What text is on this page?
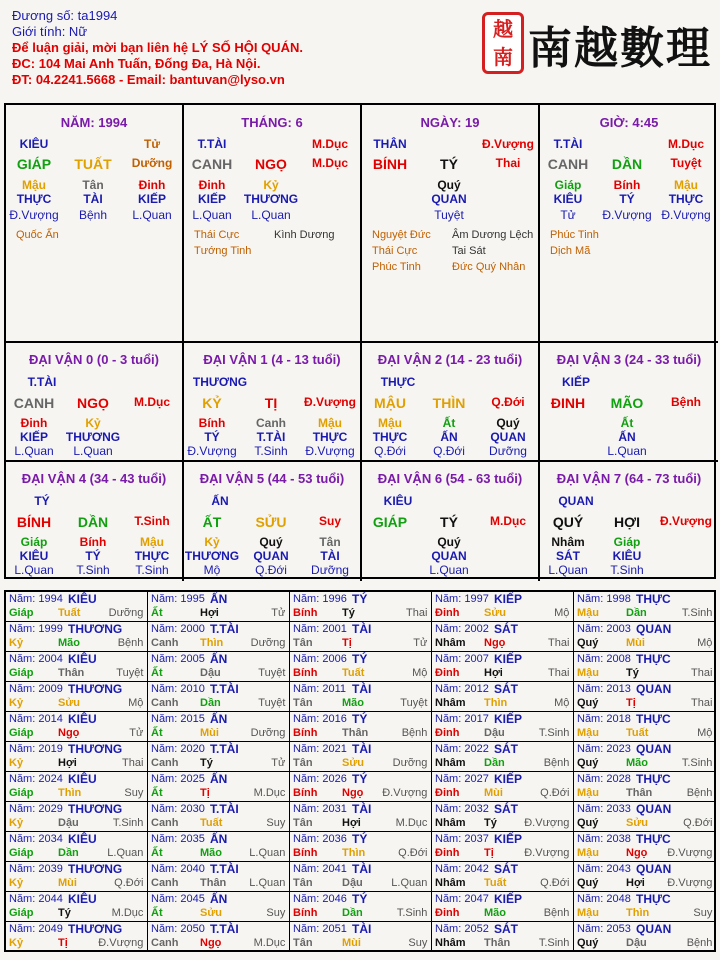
Đương số: ta1994
Giới tính: Nữ
Để luận giải, mời bạn liên hệ LÝ SỐ HỘI QUÁN.
ĐC: 104 Mai Anh Tuấn, Đống Đa, Hà Nội.
ĐT: 04.2241.5668 - Email: bantuvan@lyso.vn
越
南 南越數理
NĂM: 1994
KIÊU	Tử
GIÁP TUẤT Dưỡng
Mậu	Tân	Đinh
THỰC	TÀI	KIẾP
Đ.Vượng Bệnh L.Quan
Quốc Ấn
THÁNG: 6
T.TÀI	M.Dục
CANH NGỌ M.Dục
Đinh	Kỷ
KIẾP THƯƠNG
L.Quan L.Quan
Thái Cực	Kình Dương
Tướng Tinh
NGÀY: 19
THÂN	Đ.Vượng
BÍNH TÝ	Thai
Quý
QUAN
Tuyệt
Nguyệt Đức Âm Dương Lệch
Thái Cực	Tai Sát
Phúc Tinh	Đức Quý Nhân
GIỜ: 4:45
T.TÀI	M.Dục
CANH DẦN Tuyệt
Giáp	Bính	Mậu
KIÊU	TÝ	THỰC
Tử Đ.Vượng Đ.Vượng
Phúc Tinh
Dịch Mã
ĐẠI VẬN 0 (0 - 3 tuổi)
T.TÀI
CANH NGỌ M.Dục
Đinh	Kỷ
KIẾP THƯƠNG
L.Quan L.Quan
ĐẠI VẬN 1 (4 - 13 tuổi)
THƯƠNG
KỶ	TỊ Đ.Vượng
Bính	Canh	Mậu
TÝ	T.TÀI THỰC
Đ.Vượng T.Sinh Đ.Vượng
ĐẠI VẬN 2 (14 - 23 tuổi)
THỰC
MẬU THÌN Q.Đới
Mậu	Ất	Quý
THỰC	ẤN	QUAN
Q.Đới Q.Đới Dưỡng
ĐẠI VẬN 3 (24 - 33 tuổi)
KIẾP
ĐINH MÃO Bệnh
Ất
ẤN
L.Quan
ĐẠI VẬN 4 (34 - 43 tuổi)
TÝ
BÍNH DẦN T.Sinh
Giáp	Bính	Mậu
KIÊU	TÝ	THỰC
L.Quan T.Sinh T.Sinh
ĐẠI VẬN 5 (44 - 53 tuổi)
ẤN
ẤT SỬU	Suy
Kỷ	Quý	Tân
THƯƠNG QUAN	TÀI
Mộ	Q.Đới Dưỡng
ĐẠI VẬN 6 (54 - 63 tuổi)
KIÊU
GIÁP TÝ	M.Dục
Quý
QUAN
L.Quan
ĐẠI VẬN 7 (64 - 73 tuổi)
QUAN
QUÝ HỢI Đ.Vượng
Nhâm Giáp
SÁT	KIÊU
L.Quan T.Sinh
Năm: 1994 KIÊU
Giáp Tuất	Dưỡng
Năm: 1995 ẤN
Ất	Hợi	Tử
Năm: 1996 TÝ
Bính Tý	Thai
Năm: 1997 KIẾP
Đinh Sửu	Mộ
Năm: 1998 THỰC
Mậu Dần	T.Sinh
Năm: 1999 THƯƠNG
Kỷ	Mão	Bệnh
Năm: 2000 T.TÀI
Canh Thìn Dưỡng
Năm: 2001 TÀI
Tân	Tị	Tử
Năm: 2002 SÁT
Nhâm Ngọ	Thai
Năm: 2003 QUAN
Quý	Mùi	Mộ
Năm: 2004 KIÊU
Giáp Thân	Tuyệt
Năm: 2005 ẤN
Ất	Dậu	Tuyệt
Năm: 2006 TÝ
Bính Tuất	Mộ
Năm: 2007 KIẾP
Đinh Hợi	Thai
Năm: 2008 THỰC
Mậu Tý	Thai
Năm: 2009 THƯƠNG
Kỷ	Sửu	Mộ
Năm: 2010 T.TÀI
Canh Dần	Tuyệt
Năm: 2011 TÀI
Tân	Mão	Tuyệt
Năm: 2012 SÁT
Nhâm Thìn	Mộ
Năm: 2013 QUAN
Quý	Tị	Thai
Năm: 2014 KIÊU
Giáp Ngọ	Tử
Năm: 2015 ẤN
Ất	Mùi	Dưỡng
Năm: 2016 TÝ
Bính Thân	Bệnh
Năm: 2017 KIẾP
Đinh Dậu	T.Sinh
Năm: 2018 THỰC
Mậu Tuất	Mộ
Năm: 2019 THƯƠNG
Kỷ	Hợi	Thai
Năm: 2020 T.TÀI
Canh Tý	Tử
Năm: 2021 TÀI
Tân	Sửu	Dưỡng
Năm: 2022 SÁT
Nhâm Dần	Bệnh
Năm: 2023 QUAN
Quý	Mão	T.Sinh
Năm: 2024 KIÊU
Giáp Thìn	Suy
Năm: 2025 ẤN
Ất	Tị	M.Dục
Năm: 2026 TÝ
Bính Ngọ Đ.Vượng
Năm: 2027 KIẾP
Đinh Mùi	Q.Đới
Năm: 2028 THỰC
Mậu Thân	Bệnh
Năm: 2029 THƯƠNG
Kỷ	Dậu	T.Sinh
Năm: 2030 T.TÀI
Canh Tuất	Suy
Năm: 2031 TÀI
Tân	Hợi	M.Dục
Năm: 2032 SÁT
Nhâm Tý Đ.Vượng
Năm: 2033 QUAN
Quý	Sửu	Q.Đới
Năm: 2034 KIÊU
Giáp Dần	L.Quan
Năm: 2035 ẤN
Ất	Mão L.Quan
Năm: 2036 TÝ
Bính Thìn	Q.Đới
Năm: 2037 KIẾP
Đinh Tị	Đ.Vượng
Năm: 2038 THỰC
Mậu Ngọ Đ.Vượng
Năm: 2039 THƯƠNG
Kỷ	Mùi	Q.Đới
Năm: 2040 T.TÀI
Canh Thân L.Quan
Năm: 2041 TÀI
Tân	Dậu	L.Quan
Năm: 2042 SÁT
Nhâm Tuất	Q.Đới
Năm: 2043 QUAN
Quý	Hợi Đ.Vượng
Năm: 2044 KIÊU
Giáp Tý	M.Dục
Năm: 2045 ẤN
Ất	Sửu	Suy
Năm: 2046 TÝ
Bính Dần	T.Sinh
Năm: 2047 KIẾP
Đinh Mão	Bệnh
Năm: 2048 THỰC
Mậu Thìn	Suy
Năm: 2049 THƯƠNG
Kỷ	Tị	Đ.Vượng
Năm: 2050 T.TÀI
Canh Ngọ	M.Dục
Năm: 2051 TÀI
Tân	Mùi	Suy
Năm: 2052 SÁT
Nhâm Thân	T.Sinh
Năm: 2053 QUAN
Quý	Dậu	Bệnh
